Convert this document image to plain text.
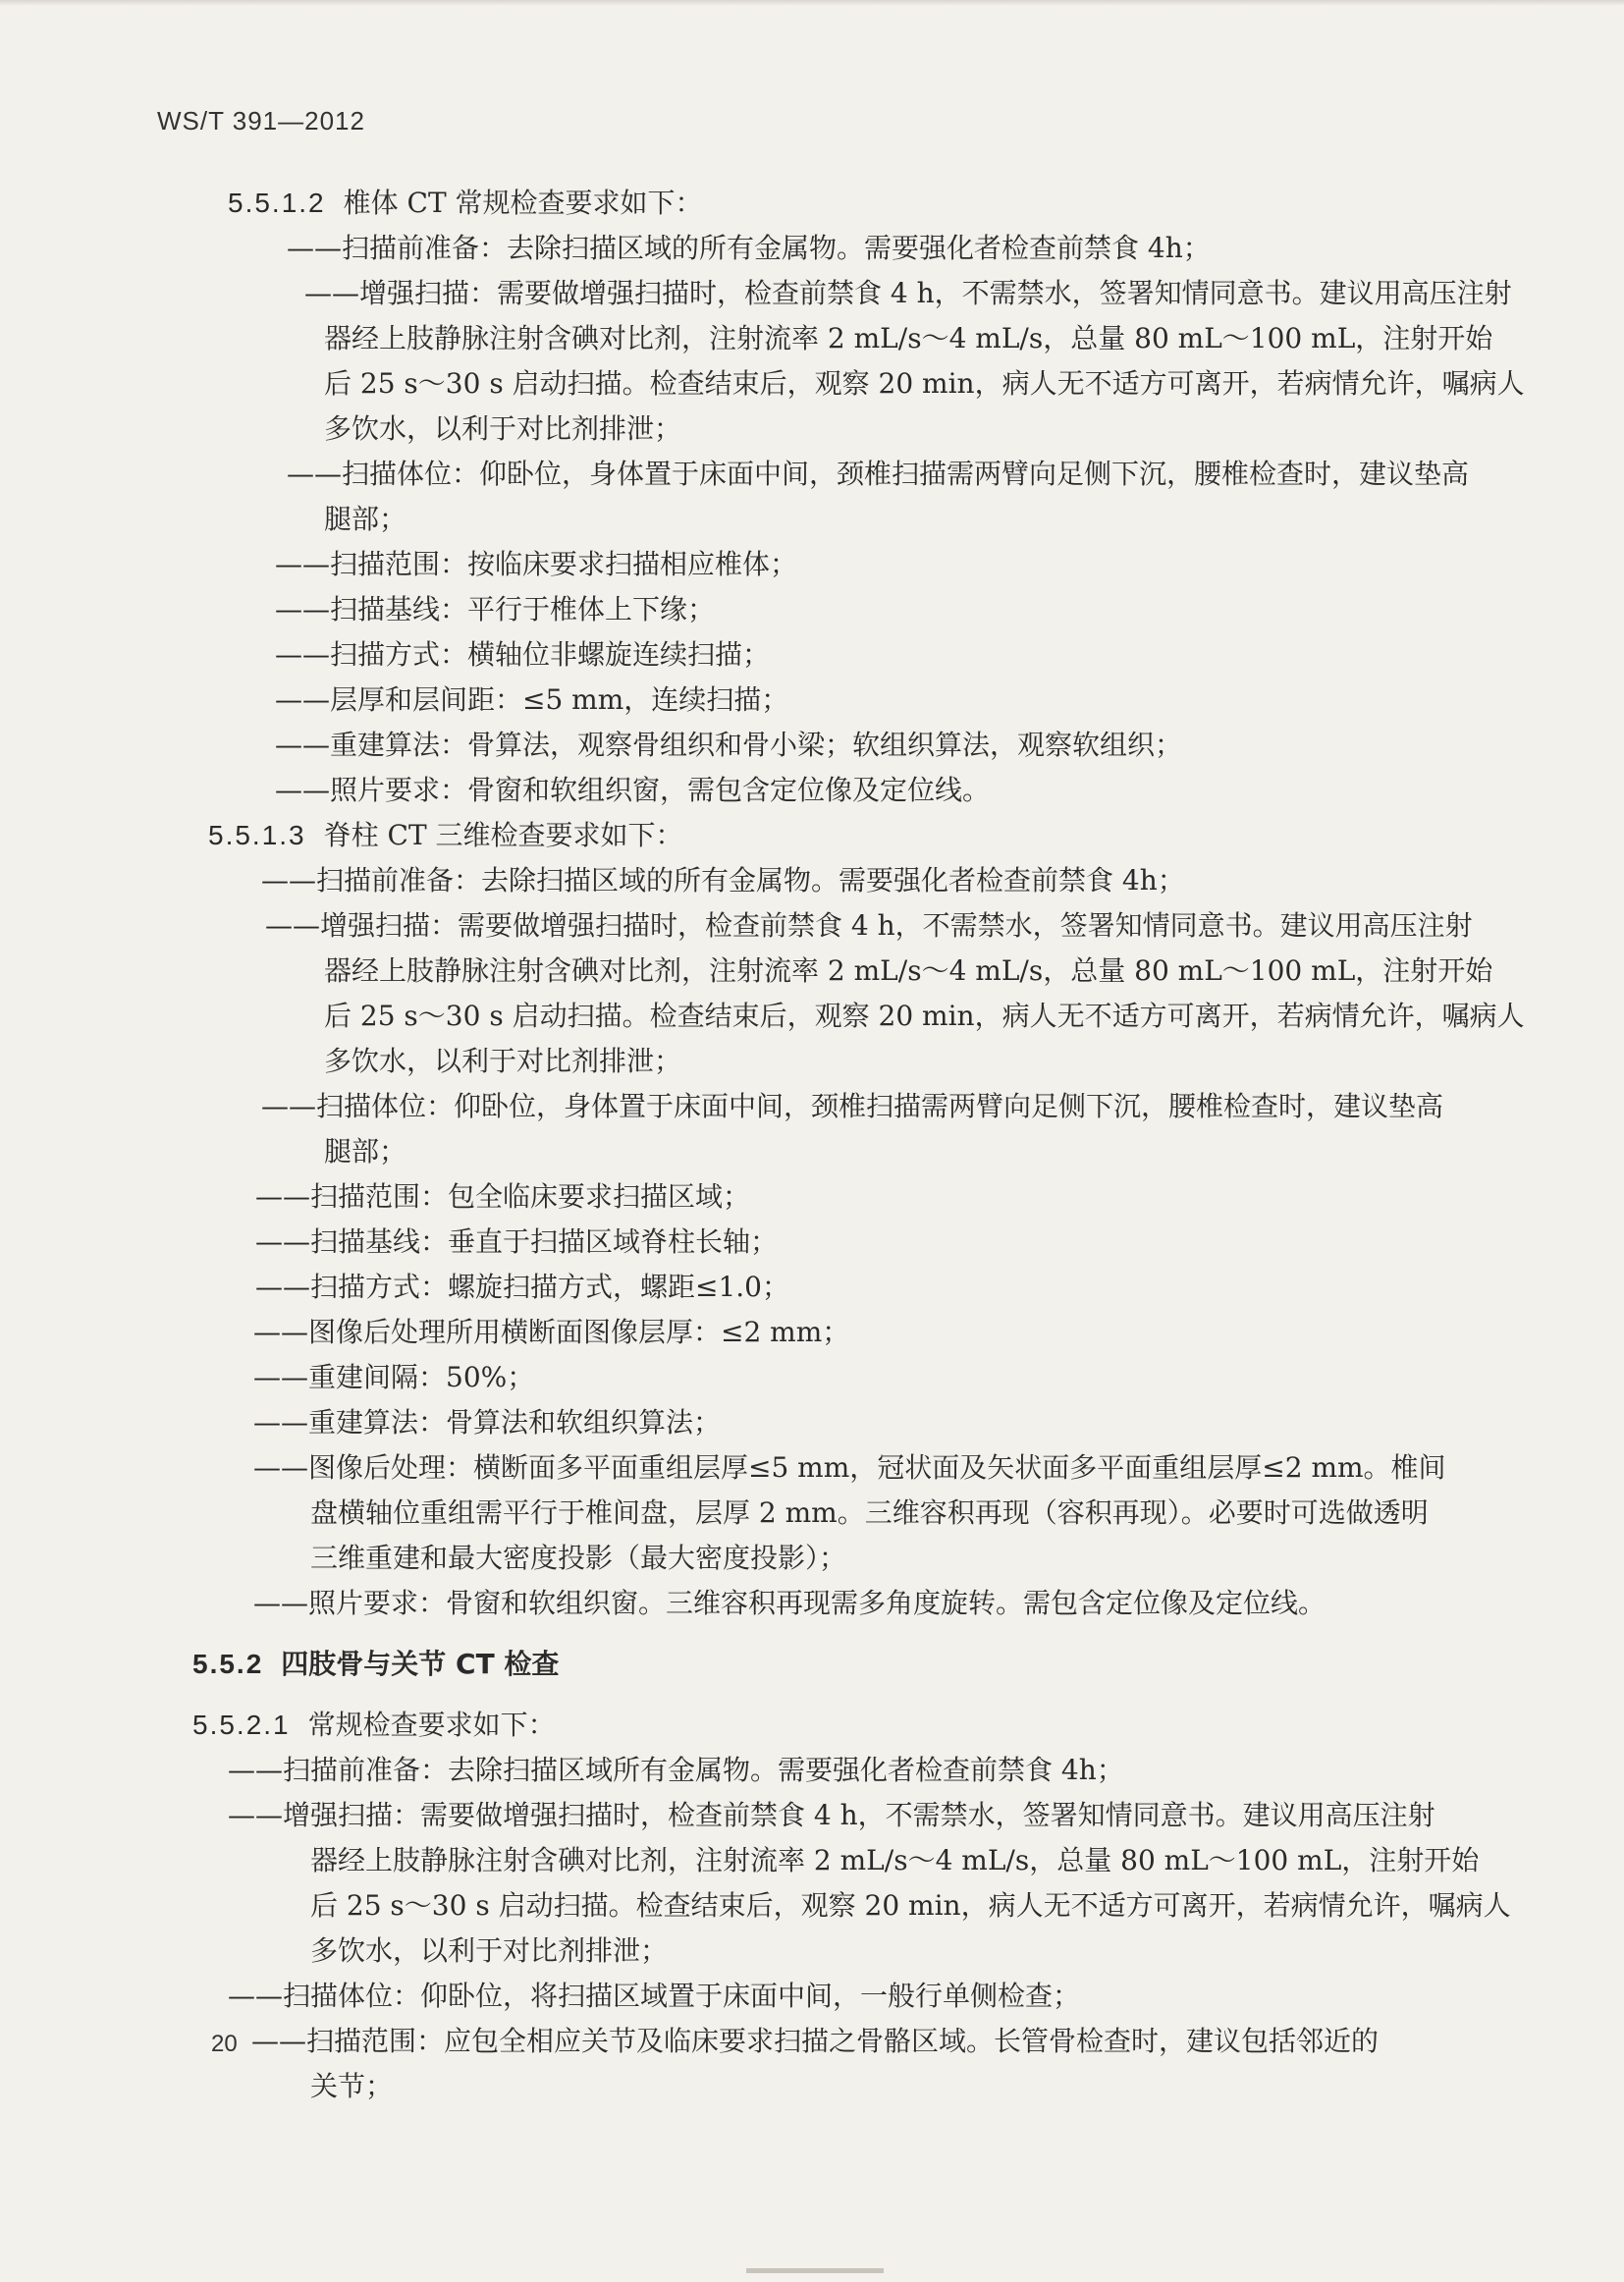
WS/T 391—2012
5.5.1.2 椎体 CT 常规检查要求如下：
——扫描前准备：去除扫描区域的所有金属物。需要强化者检查前禁食 4h；
——增强扫描：需要做增强扫描时，检查前禁食 4 h，不需禁水，签署知情同意书。建议用高压注射
器经上肢静脉注射含碘对比剂，注射流率 2 mL/s～4 mL/s，总量 80 mL～100 mL，注射开始
后 25 s～30 s 启动扫描。检查结束后，观察 20 min，病人无不适方可离开，若病情允许，嘱病人
多饮水，以利于对比剂排泄；
——扫描体位：仰卧位，身体置于床面中间，颈椎扫描需两臂向足侧下沉，腰椎检查时，建议垫高
腿部；
——扫描范围：按临床要求扫描相应椎体；
——扫描基线：平行于椎体上下缘；
——扫描方式：横轴位非螺旋连续扫描；
——层厚和层间距：≤5 mm，连续扫描；
——重建算法：骨算法，观察骨组织和骨小梁；软组织算法，观察软组织；
——照片要求：骨窗和软组织窗，需包含定位像及定位线。
5.5.1.3 脊柱 CT 三维检查要求如下：
——扫描前准备：去除扫描区域的所有金属物。需要强化者检查前禁食 4h；
——增强扫描：需要做增强扫描时，检查前禁食 4 h，不需禁水，签署知情同意书。建议用高压注射
器经上肢静脉注射含碘对比剂，注射流率 2 mL/s～4 mL/s，总量 80 mL～100 mL，注射开始
后 25 s～30 s 启动扫描。检查结束后，观察 20 min，病人无不适方可离开，若病情允许，嘱病人
多饮水，以利于对比剂排泄；
——扫描体位：仰卧位，身体置于床面中间，颈椎扫描需两臂向足侧下沉，腰椎检查时，建议垫高
腿部；
——扫描范围：包全临床要求扫描区域；
——扫描基线：垂直于扫描区域脊柱长轴；
——扫描方式：螺旋扫描方式，螺距≤1.0；
——图像后处理所用横断面图像层厚：≤2 mm；
——重建间隔：50%；
——重建算法：骨算法和软组织算法；
——图像后处理：横断面多平面重组层厚≤5 mm，冠状面及矢状面多平面重组层厚≤2 mm。椎间
盘横轴位重组需平行于椎间盘，层厚 2 mm。三维容积再现（容积再现）。必要时可选做透明
三维重建和最大密度投影（最大密度投影）；
——照片要求：骨窗和软组织窗。三维容积再现需多角度旋转。需包含定位像及定位线。
5.5.2 四肢骨与关节 CT 检查
5.5.2.1 常规检查要求如下：
——扫描前准备：去除扫描区域所有金属物。需要强化者检查前禁食 4h；
——增强扫描：需要做增强扫描时，检查前禁食 4 h，不需禁水，签署知情同意书。建议用高压注射
器经上肢静脉注射含碘对比剂，注射流率 2 mL/s～4 mL/s，总量 80 mL～100 mL，注射开始
后 25 s～30 s 启动扫描。检查结束后，观察 20 min，病人无不适方可离开，若病情允许，嘱病人
多饮水，以利于对比剂排泄；
——扫描体位：仰卧位，将扫描区域置于床面中间，一般行单侧检查；
——扫描范围：应包全相应关节及临床要求扫描之骨骼区域。长管骨检查时，建议包括邻近的
关节；
20
